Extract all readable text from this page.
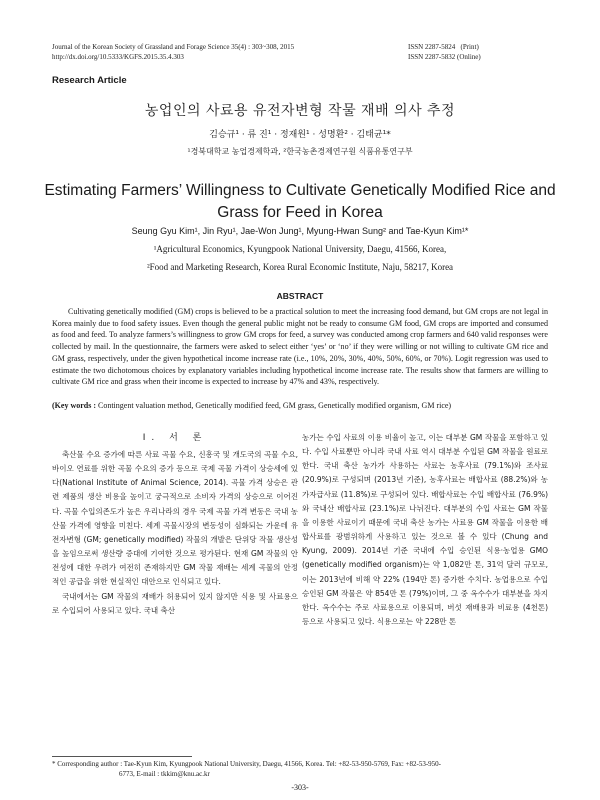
Journal of the Korean Society of Grassland and Forage Science 35(4) : 303~308, 2015
http://dx.doi.org/10.5333/KGFS.2015.35.4.303
ISSN 2287-5824   (Print)
ISSN 2287-5832 (Online)
Research Article
농업인의 사료용 유전자변형 작물 재배 의사 추정
김승규¹ · 류 진¹ · 정재원¹ · 성명환² · 김태균¹*
¹경북대학교 농업경제학과, ²한국농촌경제연구원 식품유통연구부
Estimating Farmers’ Willingness to Cultivate Genetically Modified Rice and Grass for Feed in Korea
Seung Gyu Kim¹, Jin Ryu¹, Jae-Won Jung¹, Myung-Hwan Sung² and Tae-Kyun Kim¹*
¹Agricultural Economics, Kyungpook National University, Daegu, 41566, Korea,
²Food and Marketing Research, Korea Rural Economic Institute, Naju, 58217, Korea
ABSTRACT
Cultivating genetically modified (GM) crops is believed to be a practical solution to meet the increasing food demand, but GM crops are not legal in Korea mainly due to food safety issues. Even though the general public might not be ready to consume GM food, GM crops are imported and consumed as food and feed. To analyze farmers’s willingness to grow GM crops for feed, a survey was conducted among crop farmers and 640 valid responses were collected by mail. In the questionnaire, the farmers were asked to select either ‘yes’ or ‘no’ if they were willing or not willing to cultivate GM rice and GM grass, respectively, under the given hypothetical income increase rate (i.e., 10%, 20%, 30%, 40%, 50%, 60%, or 70%). Logit regression was used to estimate the two dichotomous choices by explanatory variables including hypothetical income increase rate. The results show that farmers are willing to cultivate GM rice and grass when their income is expected to increase by 47% and 43%, respectively.
(Key words : Contingent valuation method, Genetically modified feed, GM grass, Genetically modified organism, GM rice)
Ⅰ. 서 론

축산물 수요 증가에 따른 사료 곡물 수요, 신흥국 및 개도국의 곡물 수요, 바이오 연료를 위한 곡물 수요의 증가 등으로 국제 곡물 가격이 상승세에 있다(National Institute of Animal Science, 2014). 곡물 가격 상승은 관련 제품의 생산 비용을 높이고 궁극적으로 소비자 가격의 상승으로 이어진다. 곡물 수입의존도가 높은 우리나라의 경우 국제 곡물 가격 변동은 국내 농산물 가격에 영향을 미친다. 세계 곡물시장의 변동성이 심화되는 가운데 유전자변형 (GM; genetically modified) 작물의 개발은 단위당 작물 생산성을 높임으로써 생산량 증대에 기여한 것으로 평가된다. 현재 GM 작물의 안전성에 대한 우려가 여전히 존재하지만 GM 작물 재배는 세계 곡물의 안정적인 공급을 위한 현실적인 대안으로 인식되고 있다.

국내에서는 GM 작물의 재배가 허용되어 있지 않지만 식용 및 사료용으로 수입되어 사용되고 있다. 국내 축산

농가는 수입 사료의 이용 비율이 높고, 이는 대부분 GM 작물을 포함하고 있다. 수입 사료뿐만 아니라 국내 사료 역시 대부분 수입된 GM 작물을 원료로 한다. 국내 축산 농가가 사용하는 사료는 농후사료 (79.1%)와 조사료 (20.9%)로 구성되며 (2013년 기준), 농후사료는 배합사료 (88.2%)와 농가자급사료 (11.8%)로 구성되어 있다. 배합사료는 수입 배합사료 (76.9%)와 국내산 배합사료 (23.1%)로 나뉘진다. 대부분의 수입 사료는 GM 작물을 이용한 사료이기 때문에 국내 축산 농가는 사료용 GM 작물을 이용한 배합사료를 광범위하게 사용하고 있는 것으로 볼 수 있다 (Chung and Kyung, 2009). 2014년 기준 국내에 수입 승인된 식용·농업용 GMO (genetically modified organism)는 약 1,082만 톤, 31억 달러 규모로, 이는 2013년에 비해 약 22% (194만 톤) 증가한 수치다. 농업용으로 수입 승인된 GM 작물은 약 854만 톤 (79%)이며, 그 중 옥수수가 대부분을 차지한다. 옥수수는 주로 사료용으로 이용되며, 버섯 재배용과 비료용 (4천톤) 등으로 사용되고 있다. 식용으로는 약 228만 톤

* Corresponding author : Tae-Kyun Kim, Kyungpook National University, Daegu, 41566, Korea. Tel: +82-53-950-5769, Fax: +82-53-950-
6773, E-mail : tkkim@knu.ac.kr
-303-
